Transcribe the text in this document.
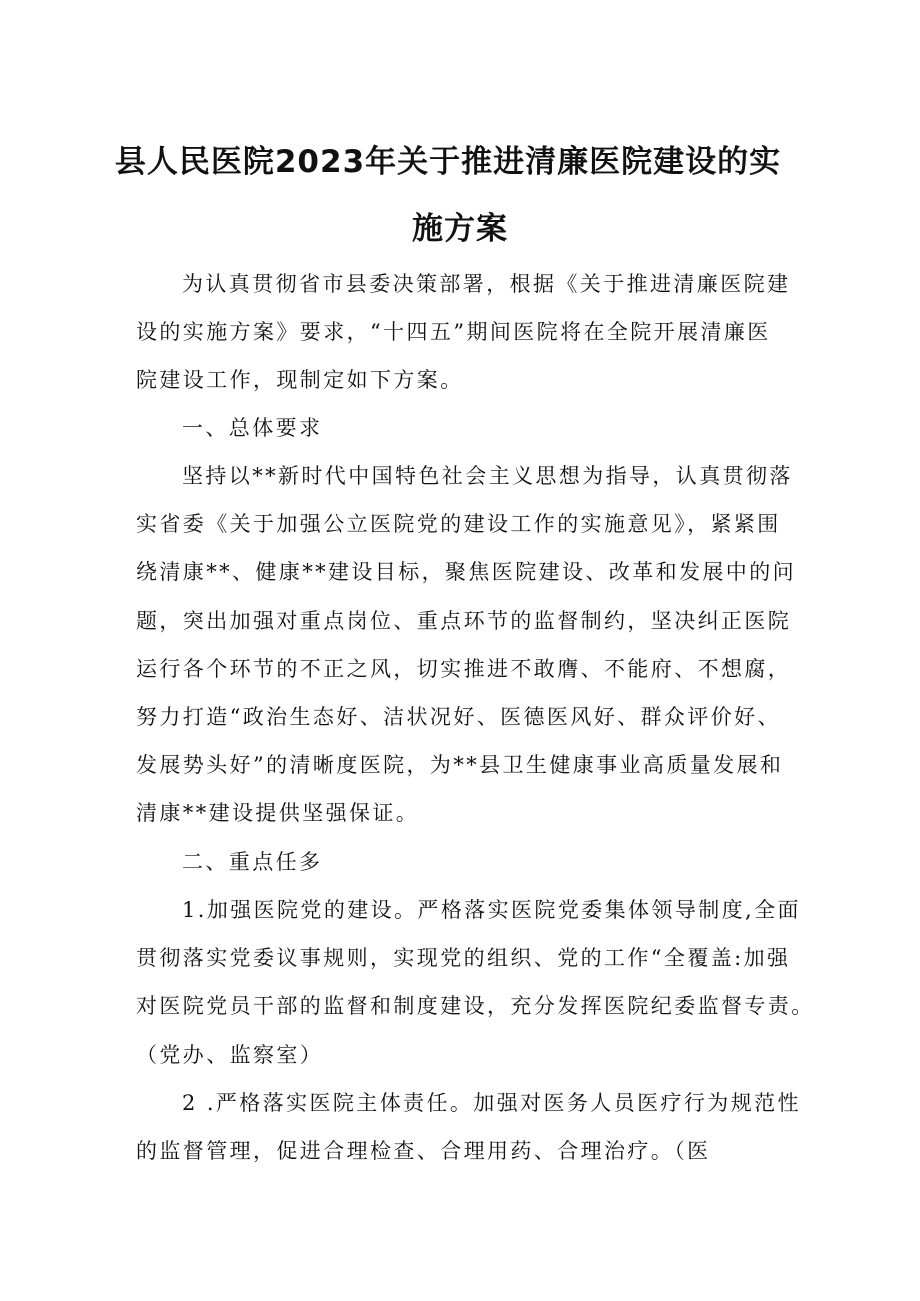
县人民医院2023年关于推进清廉医院建设的实
施方案
为认真贯彻省市县委决策部署，根据《关于推进清廉医院建
设的实施方案》要求，“十四五”期间医院将在全院开展清廉医
院建设工作，现制定如下方案。
一、总体要求
坚持以**新时代中国特色社会主义思想为指导，认真贯彻落
实省委《关于加强公立医院党的建设工作的实施意见》，紧紧围
绕清康**、健康**建设目标，聚焦医院建设、改革和发展中的问
题，突出加强对重点岗位、重点环节的监督制约，坚决纠正医院
运行各个环节的不正之风，切实推进不敢膺、不能府、不想腐，
努力打造“政治生态好、洁状况好、医德医风好、群众评价好、
发展势头好”的清晰度医院，为**县卫生健康事业高质量发展和
清康**建设提供坚强保证。
二、重点任多
1.加强医院党的建设。严格落实医院党委集体领导制度,全面
贯彻落实党委议事规则，实现党的组织、党的工作“全覆盖:加强
对医院党员干部的监督和制度建设，充分发挥医院纪委监督专责。
（党办、监察室）
2 .严格落实医院主体责任。加强对医务人员医疗行为规范性
的监督管理，促进合理检查、合理用药、合理治疗。（医
